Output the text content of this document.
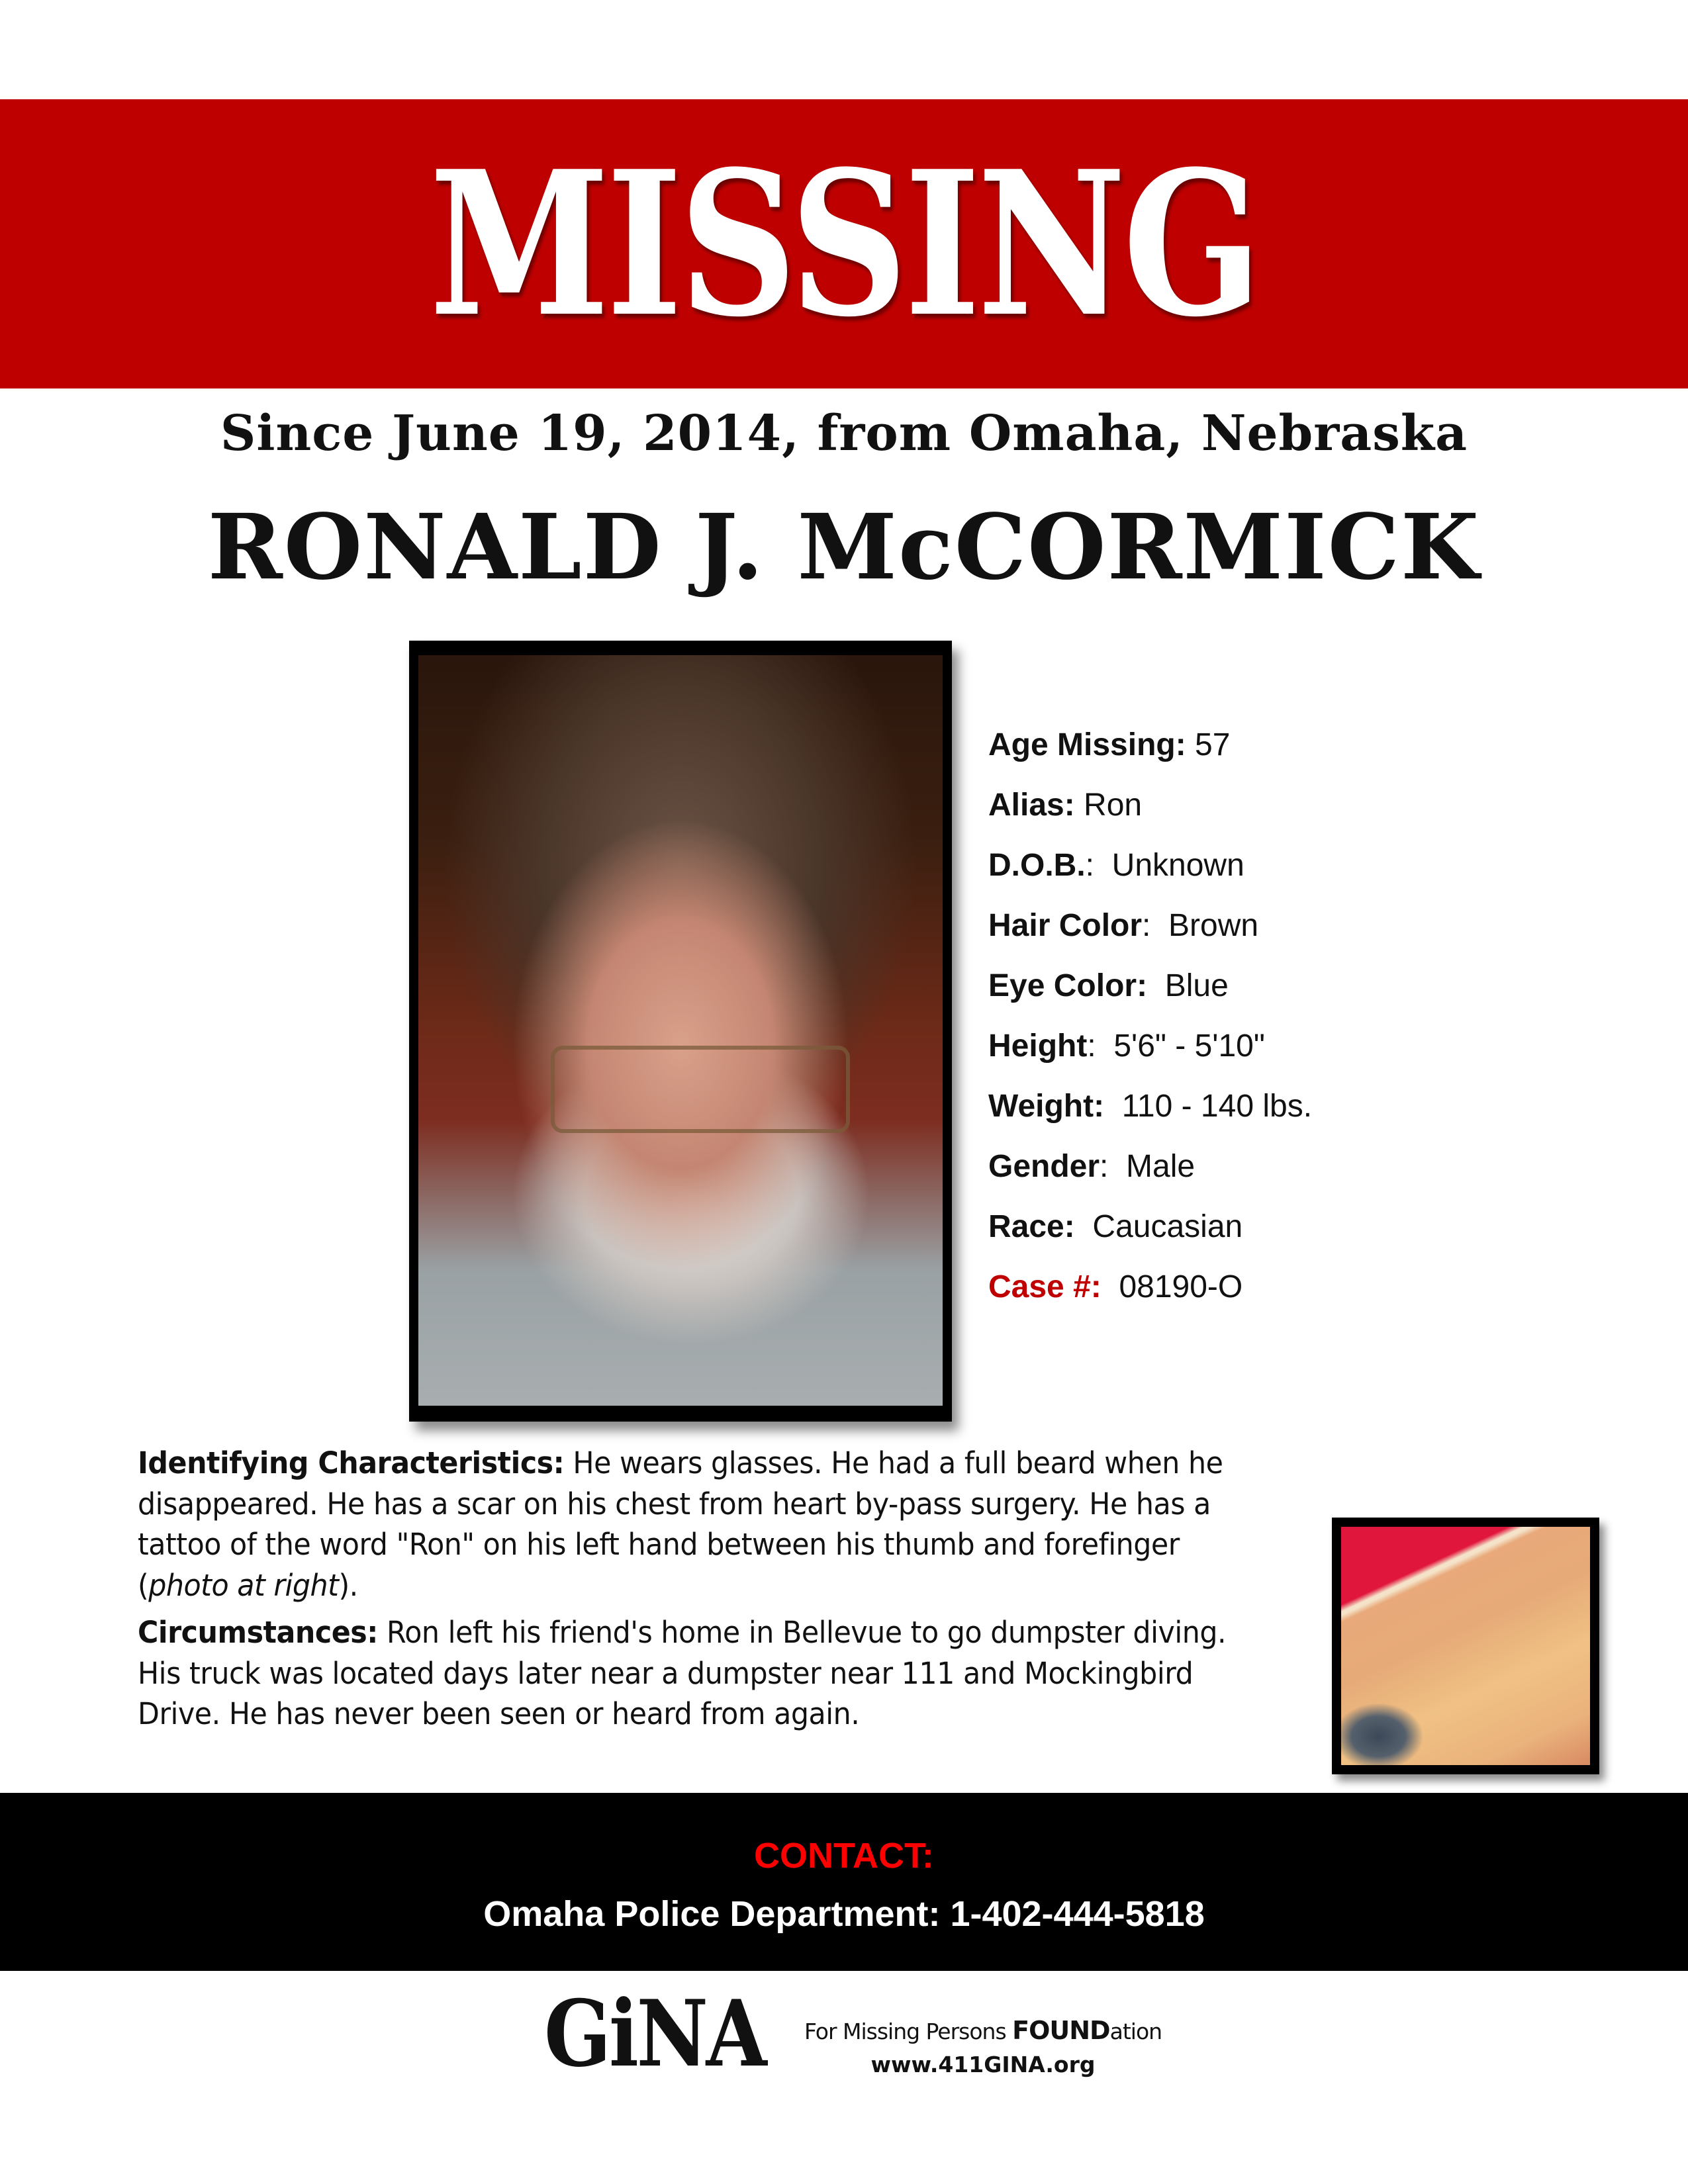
MISSING
Since June 19, 2014, from Omaha, Nebraska
RONALD J. McCORMICK
Age Missing: 57
Alias: Ron
D.O.B.:  Unknown
Hair Color:  Brown
Eye Color:  Blue
Height:  5'6" - 5'10"
Weight:  110 - 140 lbs.
Gender:  Male
Race:  Caucasian
Case #:  08190-O

Identifying Characteristics: He wears glasses. He had a full beard when he disappeared. He has a scar on his chest from heart by-pass surgery. He has a tattoo of the word "Ron" on his left hand between his thumb and forefinger (photo at right).

Circumstances: Ron left his friend's home in Bellevue to go dumpster diving. His truck was located days later near a dumpster near 111 and Mockingbird Drive. He has never been seen or heard from again.

CONTACT:
Omaha Police Department: 1-402-444-5818
GiNA	For Missing Persons FOUNDation
www.411GINA.org
